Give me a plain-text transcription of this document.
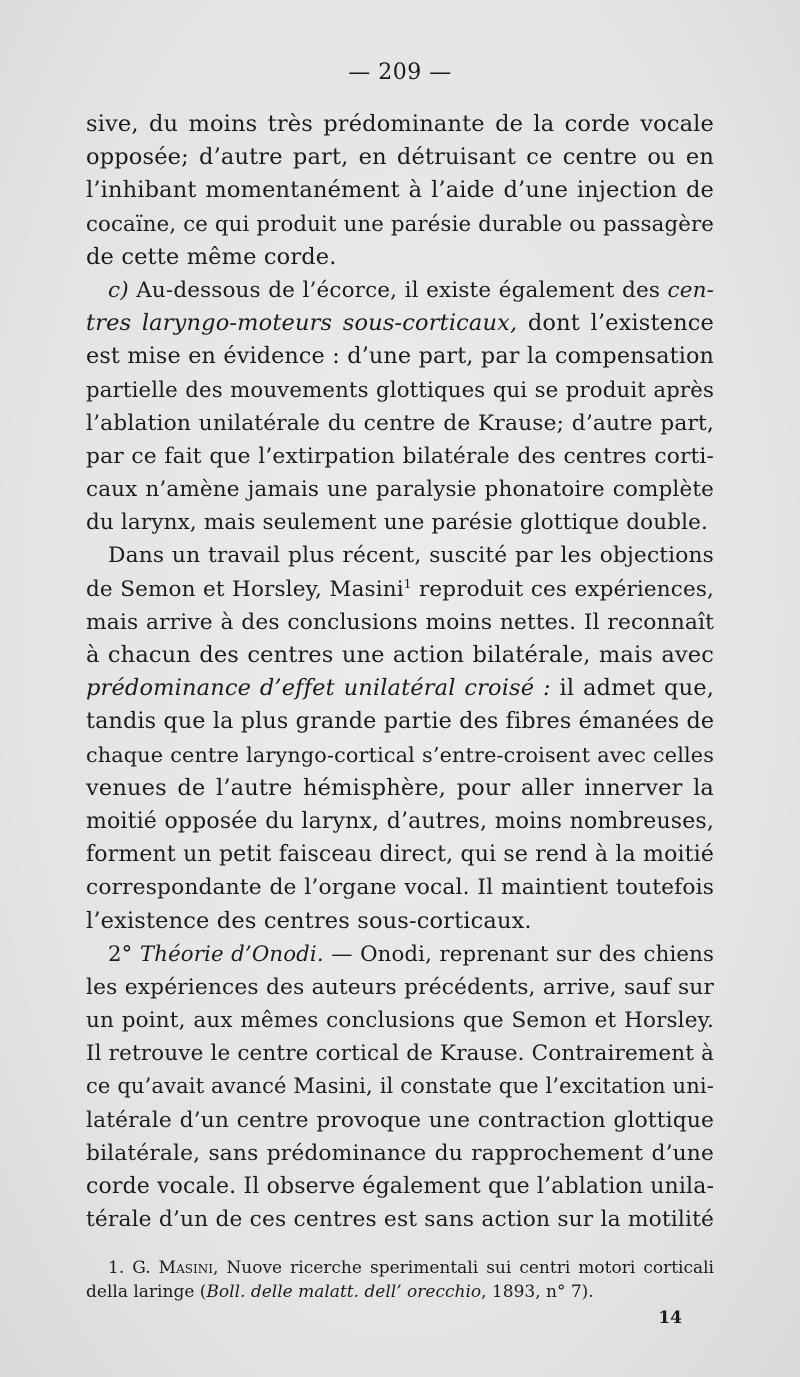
— 209 —
sive, du moins très prédominante de la corde vocale
opposée; d’autre part, en détruisant ce centre ou en
l’inhibant momentanément à l’aide d’une injection de
cocaïne, ce qui produit une parésie durable ou passagère
de cette même corde.
c) Au-dessous de l’écorce, il existe également des cen-
tres laryngo-moteurs sous-corticaux, dont l’existence
est mise en évidence : d’une part, par la compensation
partielle des mouvements glottiques qui se produit après
l’ablation unilatérale du centre de Krause; d’autre part,
par ce fait que l’extirpation bilatérale des centres corti-
caux n’amène jamais une paralysie phonatoire complète
du larynx, mais seulement une parésie glottique double.
Dans un travail plus récent, suscité par les objections
de Semon et Horsley, Masini$^1$ reproduit ces expériences,
mais arrive à des conclusions moins nettes. Il reconnaît
à chacun des centres une action bilatérale, mais avec
prédominance d’effet unilatéral croisé : il admet que,
tandis que la plus grande partie des fibres émanées de
chaque centre laryngo-cortical s’entre-croisent avec celles
venues de l’autre hémisphère, pour aller innerver la
moitié opposée du larynx, d’autres, moins nombreuses,
forment un petit faisceau direct, qui se rend à la moitié
correspondante de l’organe vocal. Il maintient toutefois
l’existence des centres sous-corticaux.
2° Théorie d’Onodi. — Onodi, reprenant sur des chiens
les expériences des auteurs précédents, arrive, sauf sur
un point, aux mêmes conclusions que Semon et Horsley.
Il retrouve le centre cortical de Krause. Contrairement à
ce qu’avait avancé Masini, il constate que l’excitation uni-
latérale d’un centre provoque une contraction glottique
bilatérale, sans prédominance du rapprochement d’une
corde vocale. Il observe également que l’ablation unila-
térale d’un de ces centres est sans action sur la motilité
1. G. Masini, Nuove ricerche sperimentali sui centri motori corticali
della laringe (Boll. delle malatt. dell’ orecchio, 1893, n° 7).
14
